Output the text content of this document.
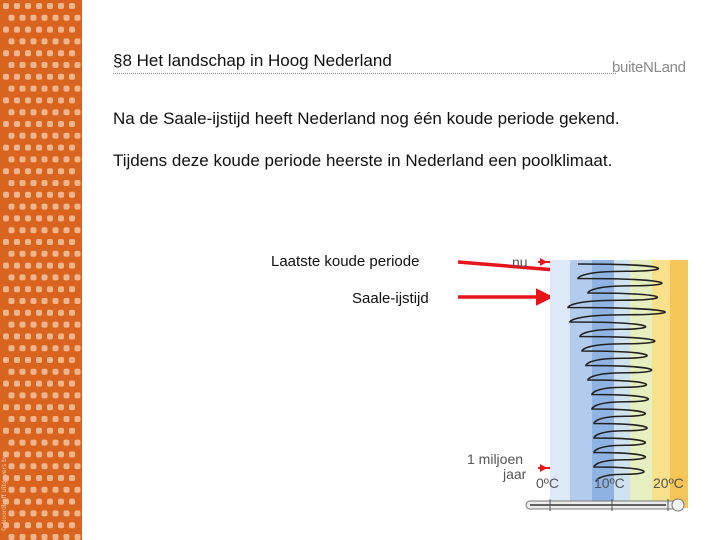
© Noordhoff Uitgevers bv
§8 Het landschap in Hoog Nederland	buiteNLand
Na de Saale-ijstijd heeft Nederland nog één koude periode gekend.
Tijdens deze koude periode heerste in Nederland een poolklimaat.
Laatste koude periode
Saale-ijstijd
nu
1 miljoen
jaar
0ºC 10ºC 20ºC
